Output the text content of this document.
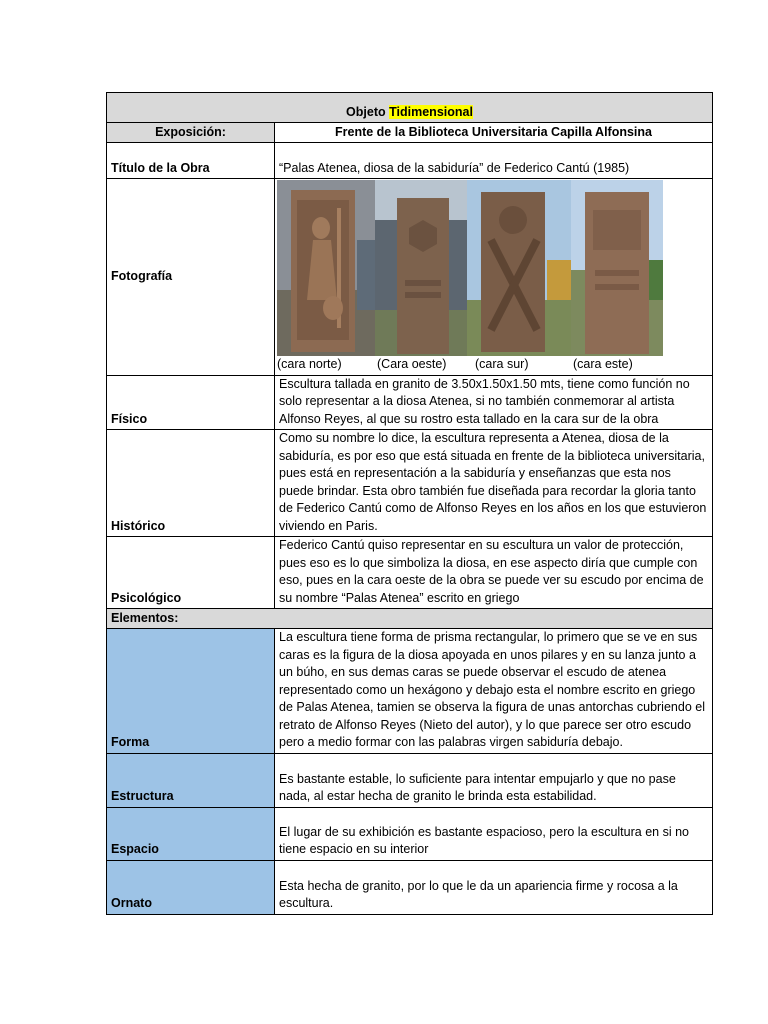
Objeto Tidimensional	
Exposición:	Frente de la Biblioteca Universitaria Capilla Alfonsina
Título de la Obra	“Palas Atenea, diosa de la sabiduría” de Federico Cantú (1985)
Fotografía	(cara norte) (Cara oeste) (cara sur) (cara este)

Físico	Escultura tallada en granito de 3.50x1.50x1.50 mts, tiene como función no solo representar a la diosa Atenea, si no también conmemorar al artista Alfonso Reyes, al que su rostro esta tallado en la cara sur de la obra
Histórico	Como su nombre lo dice, la escultura representa a Atenea, diosa de la sabiduría, es por eso que está situada en frente de la biblioteca universitaria, pues está en representación a la sabiduría y enseñanzas que esta nos puede brindar. Esta obro también fue diseñada para recordar la gloria tanto de Federico Cantú como de Alfonso Reyes en los años en los que estuvieron viviendo en Paris.
Psicológico	Federico Cantú quiso representar en su escultura un valor de protección, pues eso es lo que simboliza la diosa, en ese aspecto diría que cumple con eso, pues en la cara oeste de la obra se puede ver su escudo por encima de su nombre “Palas Atenea” escrito en griego
Elementos:	
Forma	La escultura tiene forma de prisma rectangular, lo primero que se ve en sus caras es la figura de la diosa apoyada en unos pilares y en su lanza junto a un búho, en sus demas caras se puede observar el escudo de atenea representado como un hexágono y debajo esta el nombre escrito en griego de Palas Atenea, tamien se observa la figura de unas antorchas cubriendo el retrato de Alfonso Reyes (Nieto del autor), y lo que parece ser otro escudo pero a medio formar con las palabras virgen sabiduría debajo.
Estructura	Es bastante estable, lo suficiente para intentar empujarlo y que no pase nada, al estar hecha de granito le brinda esta estabilidad.
Espacio	El lugar de su exhibición es bastante espacioso, pero la escultura en si no tiene espacio en su interior
Ornato	Esta hecha de granito, por lo que le da un apariencia firme y rocosa a la escultura.
